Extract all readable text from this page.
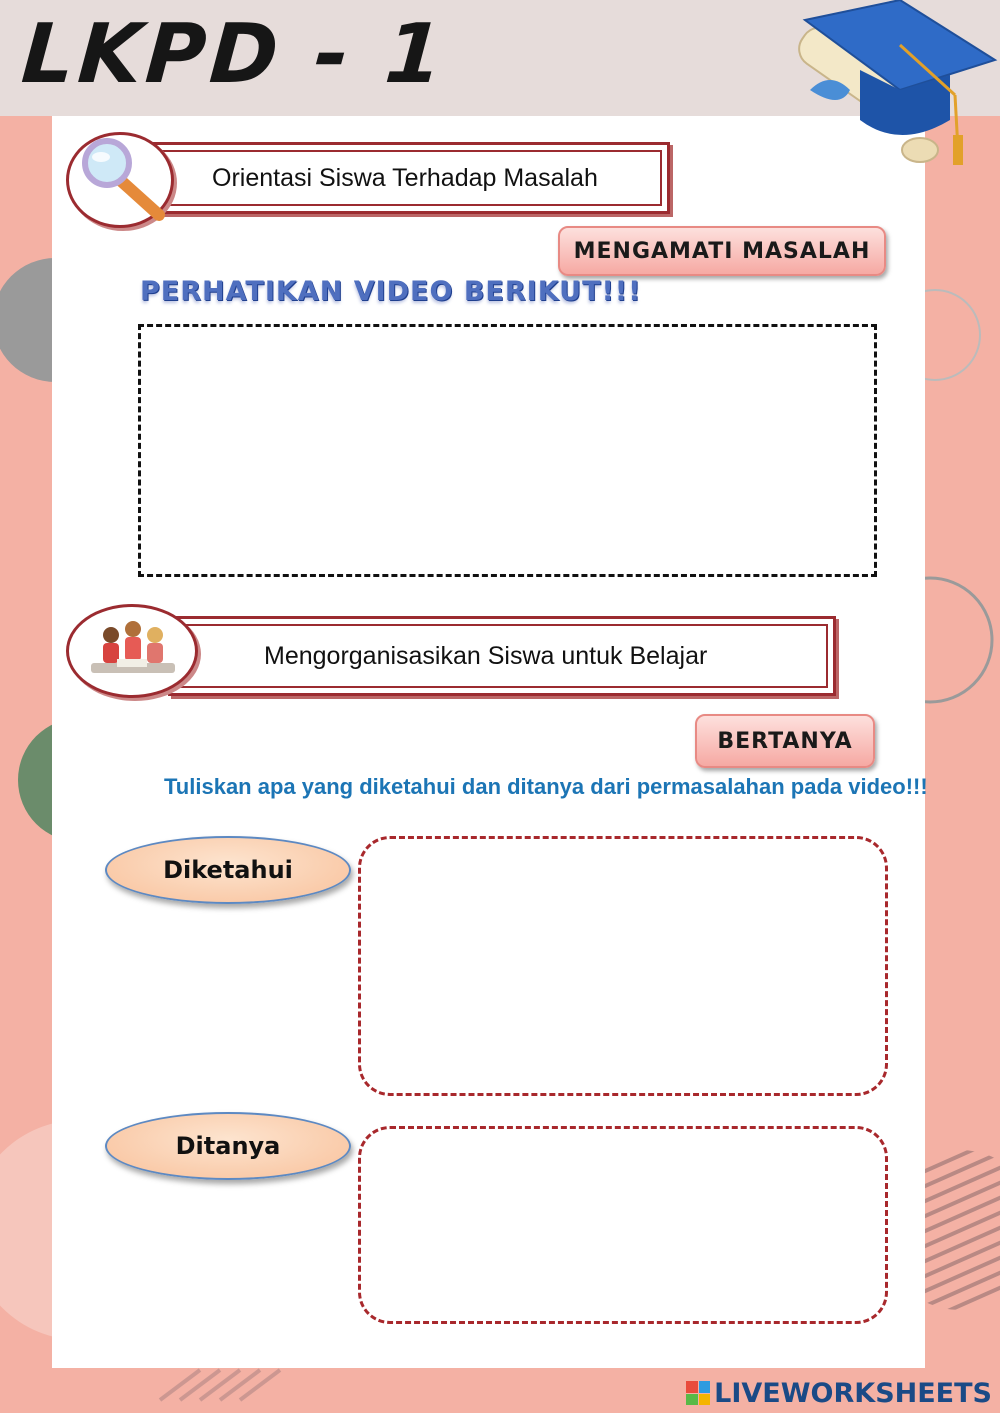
LKPD - 1
Orientasi Siswa Terhadap Masalah
MENGAMATI MASALAH
PERHATIKAN VIDEO BERIKUT!!!
Mengorganisasikan Siswa untuk Belajar
BERTANYA
Tuliskan apa yang diketahui dan ditanya dari permasalahan pada video!!!
Diketahui
Ditanya
LIVEWORKSHEETS
